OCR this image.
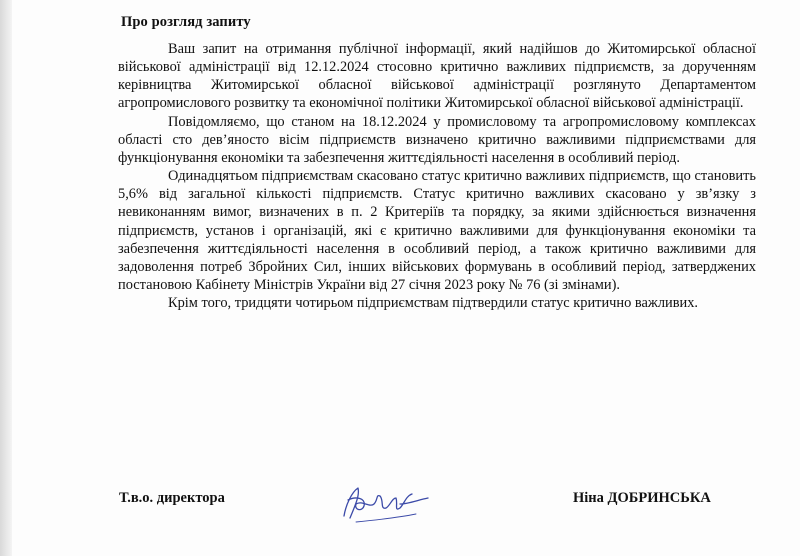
Про розгляд запиту

Ваш запит на отримання публічної інформації, який надійшов до Житомирської обласної військової адміністрації від 12.12.2024 стосовно критично важливих підприємств, за дорученням керівництва Житомирської обласної військової адміністрації розглянуто Департаментом агропромислового розвитку та економічної політики Житомирської обласної військової адміністрації.

Повідомляємо, що станом на 18.12.2024 у промисловому та агропромисловому комплексах області сто дев’яносто вісім підприємств визначено критично важливими підприємствами для функціонування економіки та забезпечення життєдіяльності населення в особливий період.

Одинадцятьом підприємствам скасовано статус критично важливих підприємств, що становить 5,6% від загальної кількості підприємств. Статус критично важливих скасовано у зв’язку з невиконанням вимог, визначених в п. 2 Критеріїв та порядку, за якими здійснюється визначення підприємств, установ і організацій, які є критично важливими для функціонування економіки та забезпечення життєдіяльності населення в особливий період, а також критично важливими для задоволення потреб Збройних Сил, інших військових формувань в особливий період, затверджених постановою Кабінету Міністрів України від 27 січня 2023 року № 76 (зі змінами).

Крім того, тридцяти чотирьом підприємствам підтвердили статус критично важливих.

Т.в.о. директора	Ніна ДОБРИНСЬКА
